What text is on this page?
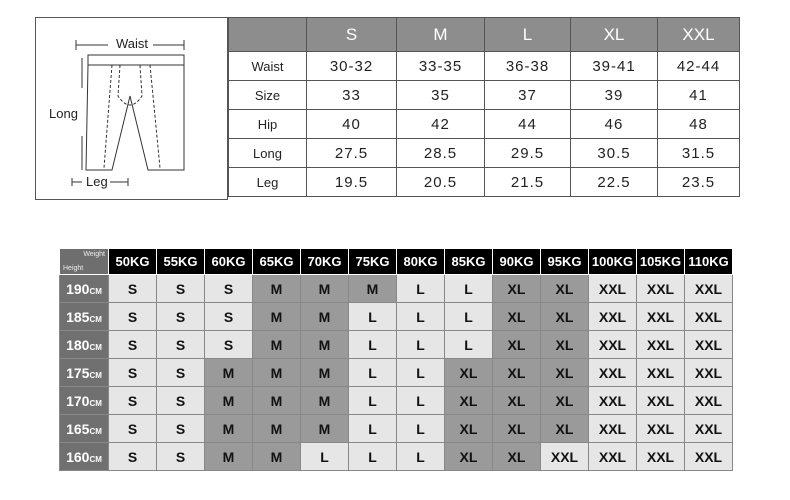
Waist
Long
Leg
	S	M	L	XL	XXL
Waist	30-32	33-35	36-38	39-41	42-44
Size	33	35	37	39	41
Hip	40	42	44	46	48
Long	27.5	28.5	29.5	30.5	31.5
Leg	19.5	20.5	21.5	22.5	23.5
Weight
Height	50KG	55KG	60KG	65KG	70KG	75KG	80KG	85KG	90KG	95KG	100KG	105KG	110KG
190CM	S	S	S	M	M	M	L	L	XL	XL	XXL	XXL	XXL
185CM	S	S	S	M	M	L	L	L	XL	XL	XXL	XXL	XXL
180CM	S	S	S	M	M	L	L	L	XL	XL	XXL	XXL	XXL
175CM	S	S	M	M	M	L	L	XL	XL	XL	XXL	XXL	XXL
170CM	S	S	M	M	M	L	L	XL	XL	XL	XXL	XXL	XXL
165CM	S	S	M	M	M	L	L	XL	XL	XL	XXL	XXL	XXL
160CM	S	S	M	M	L	L	L	XL	XL	XXL	XXL	XXL	XXL
